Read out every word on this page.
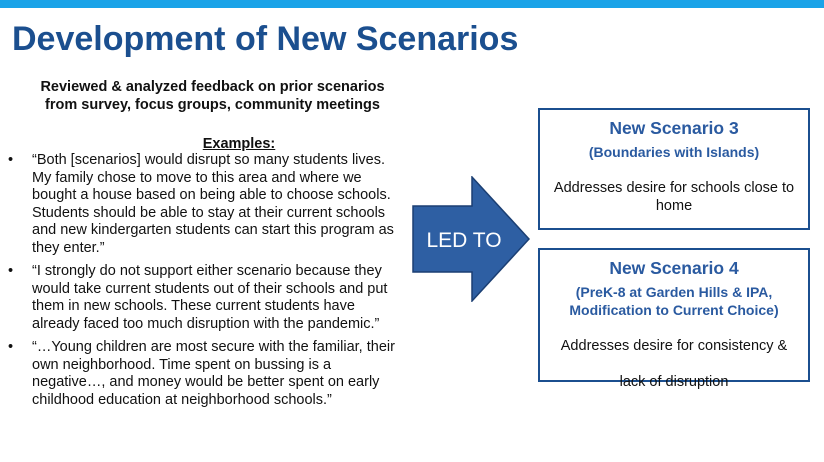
Development of New Scenarios
Reviewed & analyzed feedback on prior scenarios
from survey, focus groups, community meetings
Examples:
• “Both [scenarios] would disrupt so many students lives. My family chose to move to this area and where we bought a house based on being able to choose schools. Students should be able to stay at their current schools and new kindergarten students can start this program as they enter.”
• “I strongly do not support either scenario because they would take current students out of their schools and put them in new schools. These current students have already faced too much disruption with the pandemic.”
• “…Young children are most secure with the familiar, their own neighborhood. Time spent on bussing is a negative…, and money would be better spent on early childhood education at neighborhood schools.”
LED TO
New Scenario 3
(Boundaries with Islands)
Addresses desire for schools close to home
New Scenario 4
(PreK-8 at Garden Hills & IPA,
Modification to Current Choice)
Addresses desire for consistency &
lack of disruption
